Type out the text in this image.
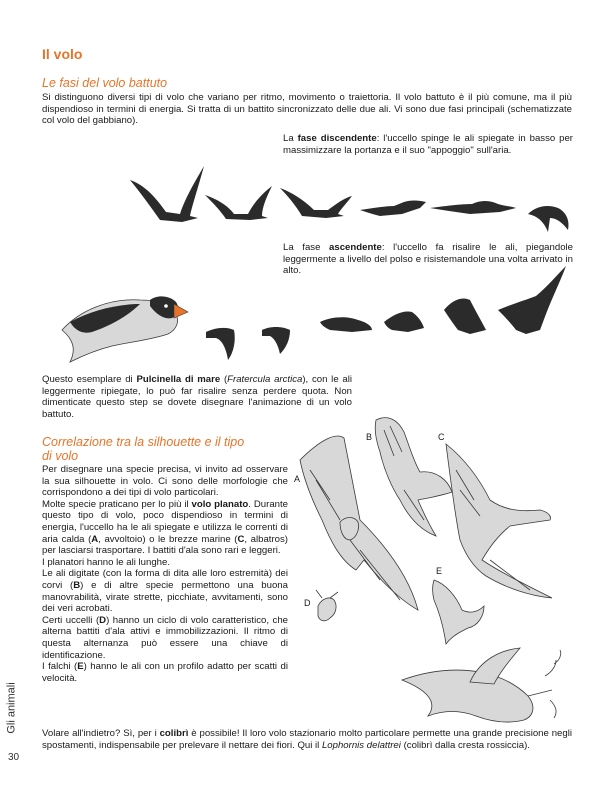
Il volo
Le fasi del volo battuto

Si distinguono diversi tipi di volo che variano per ritmo, movimento o traiettoria. Il volo battuto è il più comune, ma il più dispendioso in termini di energia. Si tratta di un battito sincronizzato delle due ali. Vi sono due fasi principali (schematizzate col volo del gabbiano).

La fase discendente: l'uccello spinge le ali spiegate in basso per massimizzare la portanza e il suo "appoggio" sull'aria.

La fase ascendente: l'uccello fa risalire le ali, piegandole leggermente a livello del polso e risistemandole una volta arrivato in alto.

Questo esemplare di Pulcinella di mare (Fratercula arctica), con le ali leggermente ripiegate, lo può far risalire senza perdere quota. Non dimenticate questo step se dovete disegnare l'animazione di un volo battuto.

Correlazione tra la silhouette e il tipo
di volo

Per disegnare una specie precisa, vi invito ad osservare la sua silhouette in volo. Ci sono delle morfologie che corrispondono a dei tipi di volo particolari.

Molte specie praticano per lo più il volo planato. Durante questo tipo di volo, poco dispendioso in termini di energia, l'uccello ha le ali spiegate e utilizza le correnti di aria calda (A, avvoltoio) o le brezze marine (C, albatros) per lasciarsi trasportare. I battiti d'ala sono rari e leggeri.

I planatori hanno le ali lunghe.

Le ali digitate (con la forma di dita alle loro estremità) dei corvi (B) e di altre specie permettono una buona manovrabilità, virate strette, picchiate, avvitamenti, sono dei veri acrobati.

Certi uccelli (D) hanno un ciclo di volo caratteristico, che alterna battiti d'ala attivi e immobilizzazioni. Il ritmo di questa alternanza può essere una chiave di identificazione.

I falchi (E) hanno le ali con un profilo adatto per scatti di velocità.

A
B	C
D
E

Volare all'indietro? Sì, per i colibrì è possibile! Il loro volo stazionario molto particolare permette una grande precisione negli spostamenti, indispensabile per prelevare il nettare dei fiori. Qui il Lophornis delattrei (colibrì dalla cresta rossiccia).

Gli animali
30
